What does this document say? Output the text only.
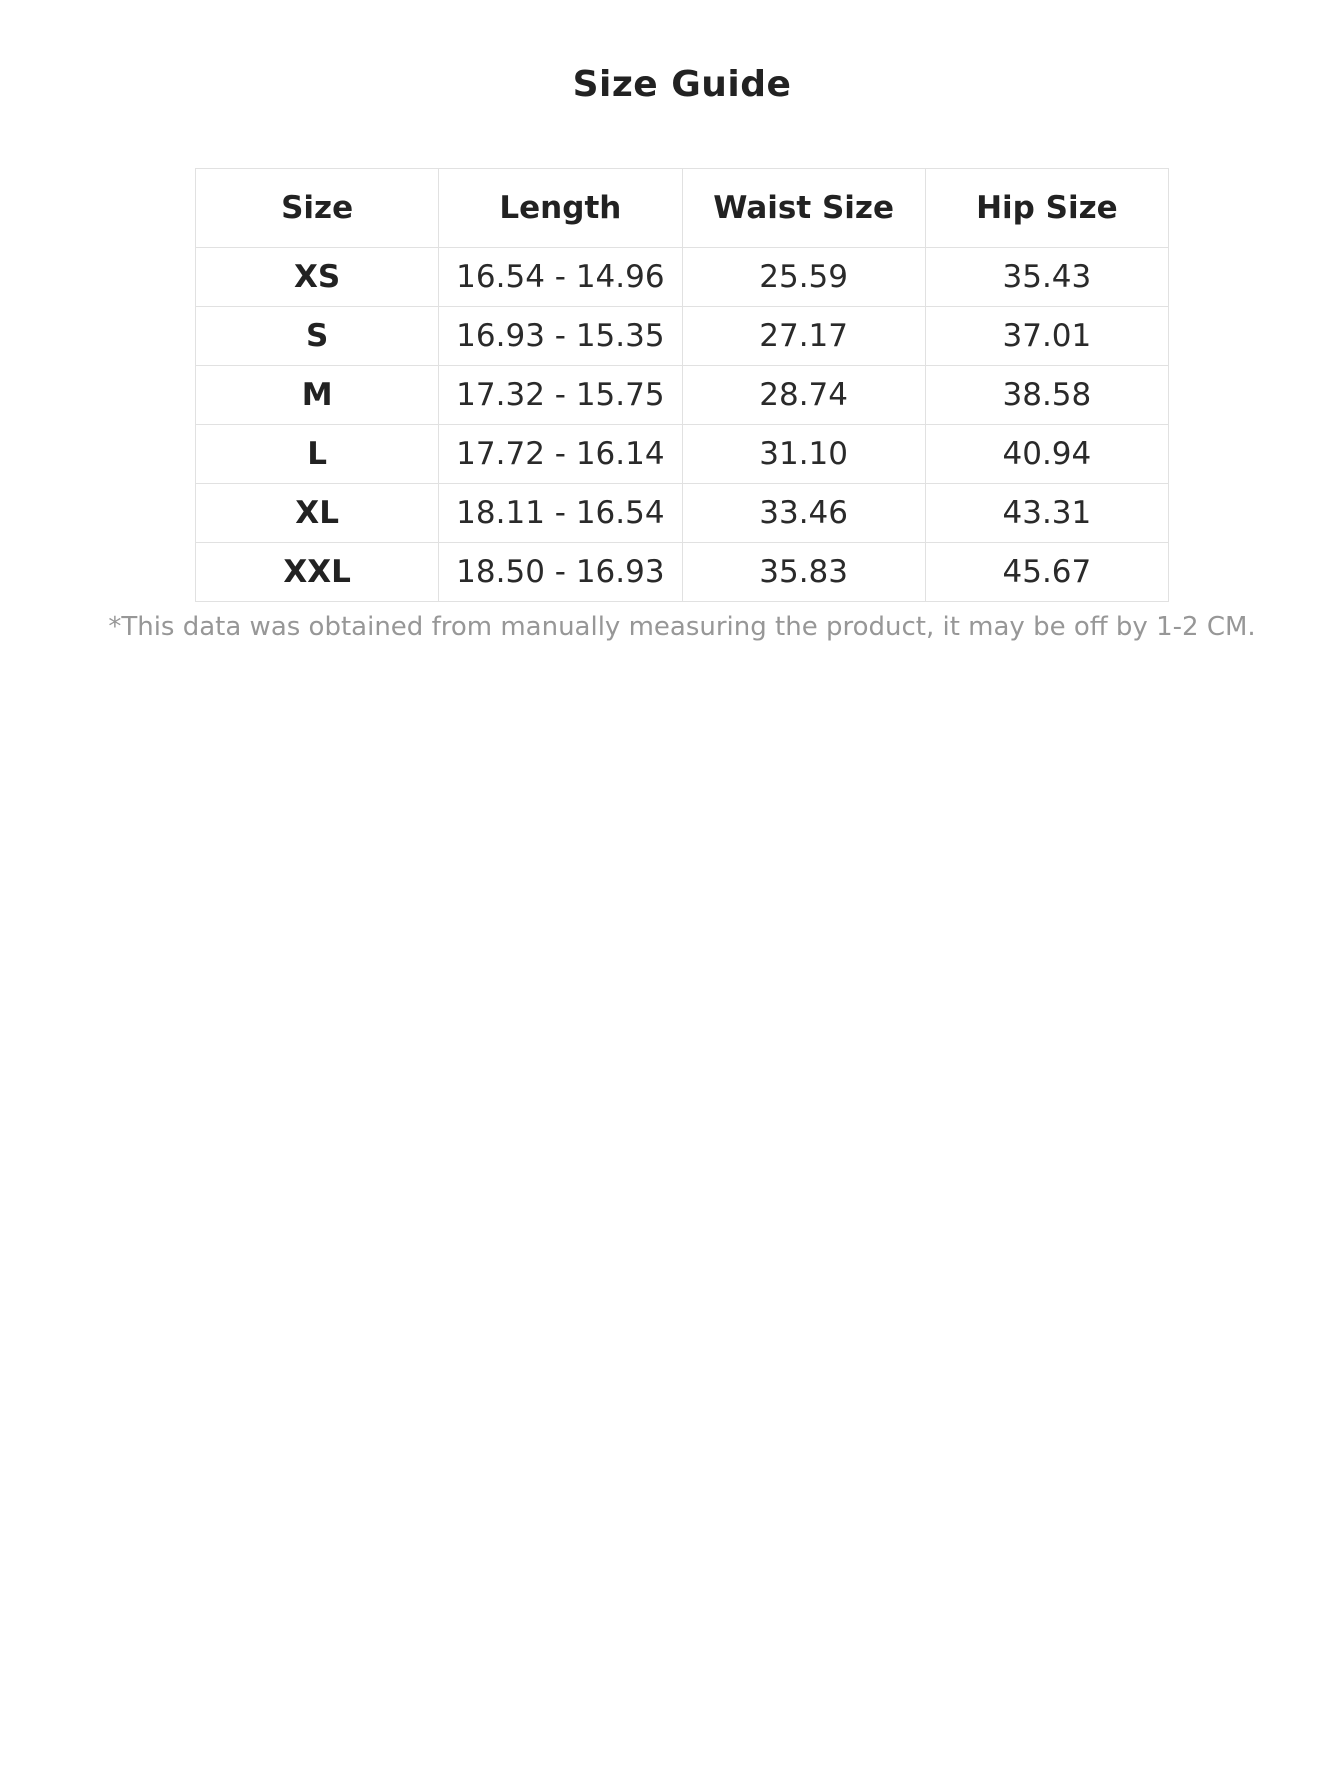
Size Guide
Size	Length	Waist Size	Hip Size
XS	16.54 - 14.96	25.59	35.43
S	16.93 - 15.35	27.17	37.01
M	17.32 - 15.75	28.74	38.58
L	17.72 - 16.14	31.10	40.94
XL	18.11 - 16.54	33.46	43.31
XXL	18.50 - 16.93	35.83	45.67
*This data was obtained from manually measuring the product, it may be off by 1-2 CM.
